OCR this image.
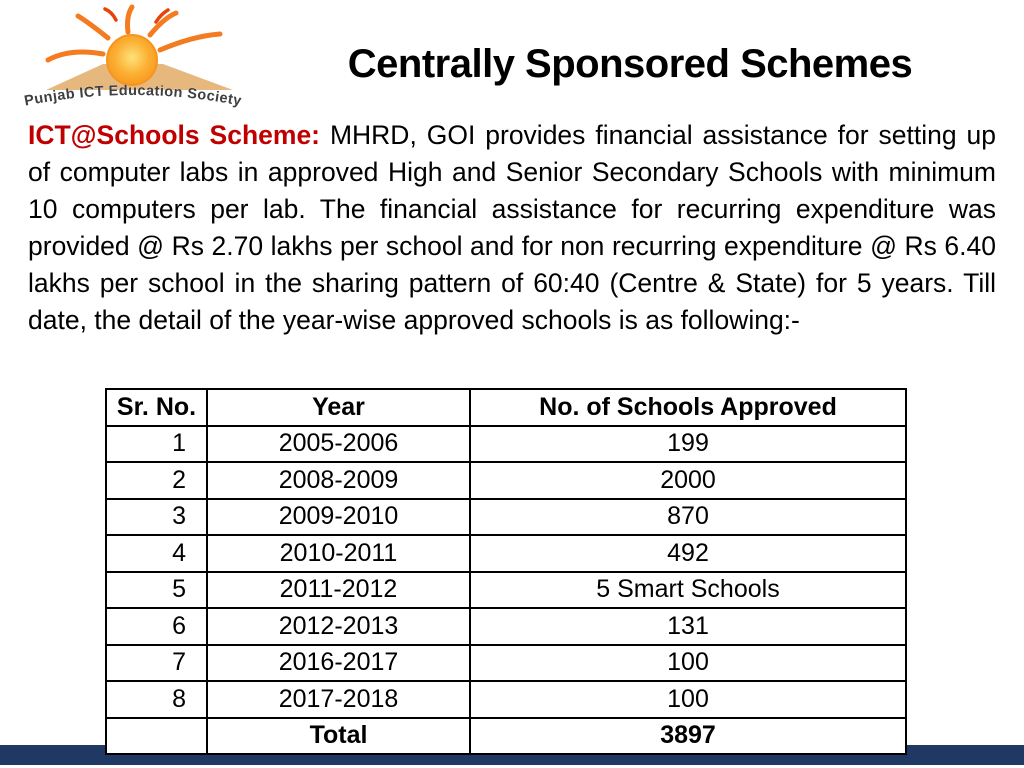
Punjab ICT Education Society
Centrally Sponsored Schemes

ICT@Schools Scheme: MHRD, GOI provides financial assistance for setting up of computer labs in approved High and Senior Secondary Schools with minimum 10 computers per lab. The financial assistance for recurring expenditure was provided @ Rs 2.70 lakhs per school and for non recurring expenditure @ Rs 6.40 lakhs per school in the sharing pattern of 60:40 (Centre & State) for 5 years. Till date, the detail of the year-wise approved schools is as following:-

Sr. No.	Year	No. of Schools Approved
1	2005-2006	199
2	2008-2009	2000
3	2009-2010	870
4	2010-2011	492
5	2011-2012	5 Smart Schools
6	2012-2013	131
7	2016-2017	100
8	2017-2018	100
	Total	3897
